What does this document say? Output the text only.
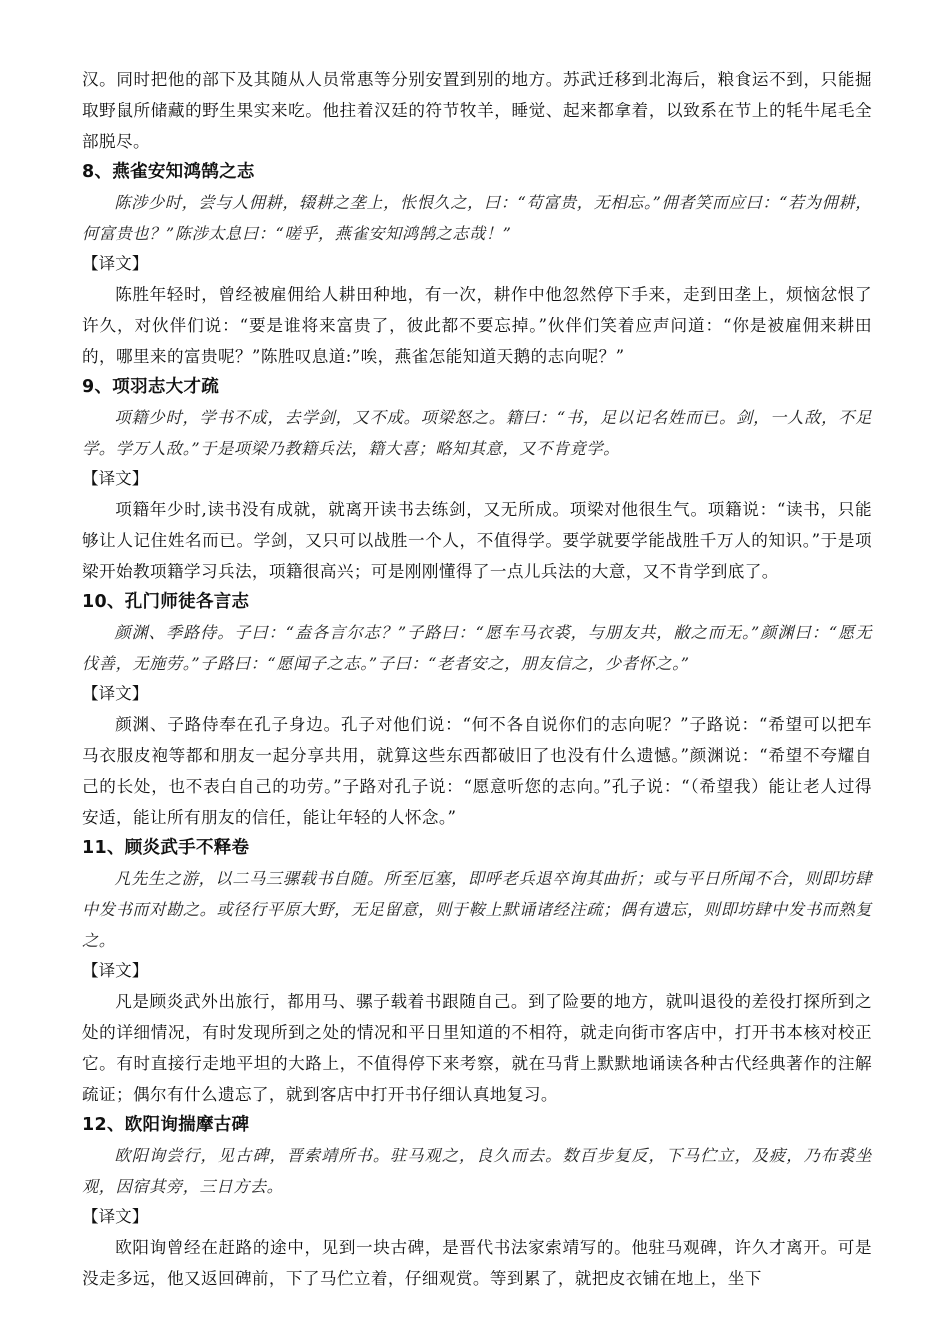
汉。同时把他的部下及其随从人员常惠等分别安置到别的地方。苏武迁移到北海后，粮食运不到，只能掘取野鼠所储藏的野生果实来吃。他拄着汉廷的符节牧羊，睡觉、起来都拿着，以致系在节上的牦牛尾毛全部脱尽。

8、燕雀安知鸿鹄之志

陈涉少时，尝与人佣耕，辍耕之垄上，怅恨久之，曰：“苟富贵，无相忘。”佣者笑而应曰：“若为佣耕，何富贵也？”陈涉太息曰：“嗟乎，燕雀安知鸿鹄之志哉！”

【译文】

陈胜年轻时，曾经被雇佣给人耕田种地，有一次，耕作中他忽然停下手来，走到田垄上，烦恼忿恨了许久，对伙伴们说：“要是谁将来富贵了，彼此都不要忘掉。”伙伴们笑着应声问道：“你是被雇佣来耕田的，哪里来的富贵呢？”陈胜叹息道:”唉，燕雀怎能知道天鹅的志向呢？”

9、项羽志大才疏

项籍少时，学书不成，去学剑，又不成。项梁怒之。籍曰：“书，足以记名姓而已。剑，一人敌，不足学。学万人敌。”于是项梁乃教籍兵法，籍大喜；略知其意，又不肯竟学。

【译文】

项籍年少时,读书没有成就，就离开读书去练剑，又无所成。项梁对他很生气。项籍说：“读书，只能够让人记住姓名而已。学剑，又只可以战胜一个人，不值得学。要学就要学能战胜千万人的知识。”于是项梁开始教项籍学习兵法，项籍很高兴；可是刚刚懂得了一点儿兵法的大意，又不肯学到底了。

10、孔门师徒各言志

颜渊、季路侍。子曰：“盍各言尔志？”子路曰：“愿车马衣裘，与朋友共，敝之而无。”颜渊曰：“愿无伐善，无施劳。”子路曰：“愿闻子之志。”子曰：“老者安之，朋友信之，少者怀之。”

【译文】

颜渊、子路侍奉在孔子身边。孔子对他们说：“何不各自说你们的志向呢？”子路说：“希望可以把车马衣服皮袍等都和朋友一起分享共用，就算这些东西都破旧了也没有什么遗憾。”颜渊说：“希望不夸耀自己的长处，也不表白自己的功劳。”子路对孔子说：“愿意听您的志向。”孔子说：“（希望我）能让老人过得安适，能让所有朋友的信任，能让年轻的人怀念。”

11、顾炎武手不释卷

凡先生之游，以二马三骡载书自随。所至厄塞，即呼老兵退卒询其曲折；或与平日所闻不合，则即坊肆中发书而对勘之。或径行平原大野，无足留意，则于鞍上默诵诸经注疏；偶有遗忘，则即坊肆中发书而熟复之。

【译文】

凡是顾炎武外出旅行，都用马、骡子载着书跟随自己。到了险要的地方，就叫退役的差役打探所到之处的详细情况，有时发现所到之处的情况和平日里知道的不相符，就走向街市客店中，打开书本核对校正它。有时直接行走地平坦的大路上，不值得停下来考察，就在马背上默默地诵读各种古代经典著作的注解疏证；偶尔有什么遗忘了，就到客店中打开书仔细认真地复习。

12、欧阳询揣摩古碑

欧阳询尝行，见古碑，晋索靖所书。驻马观之，良久而去。数百步复反，下马伫立，及疲，乃布裘坐观，因宿其旁，三日方去。

【译文】

欧阳询曾经在赶路的途中，见到一块古碑，是晋代书法家索靖写的。他驻马观碑，许久才离开。可是没走多远，他又返回碑前，下了马伫立着，仔细观赏。等到累了，就把皮衣铺在地上，坐下
